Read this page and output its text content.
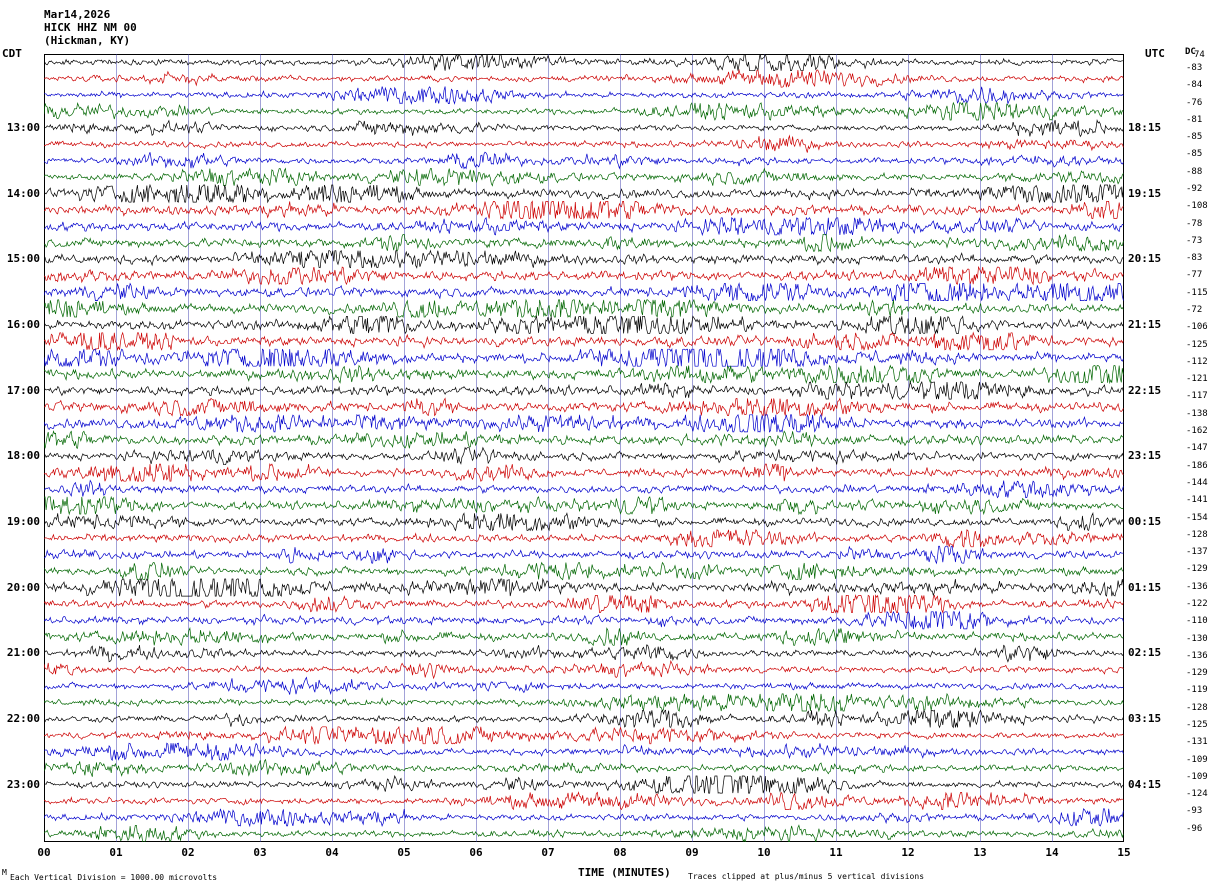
Mar14,2026
HICK HHZ NM 00
(Hickman, KY)
CDT	UTC DC
TIME (MINUTES)
M
Each Vertical Division = 1000.00 microvolts	Traces clipped at plus/minus 5 vertical divisions
13:00	18:15
14:00	19:15
15:00	20:15
16:00	21:15
17:00	22:15
18:00	23:15
19:00	00:15
20:00	01:15
21:00	02:15
22:00	03:15
23:00	04:15
74
-83
-84
-76
-81
-85
-85
-88
-92
-108
-78
-73
-83
-77
-115
-72
-106
-125
-112
-121
-117
-138
-162
-147
-186
-144
-141
-154
-128
-137
-129
-136
-122
-110
-130
-136
-129
-119
-128
-125
-131
-109
-109
-124
-93
-96
00	01	02	03	04	05	06	07	08	09	10	11	12	13	14	15
